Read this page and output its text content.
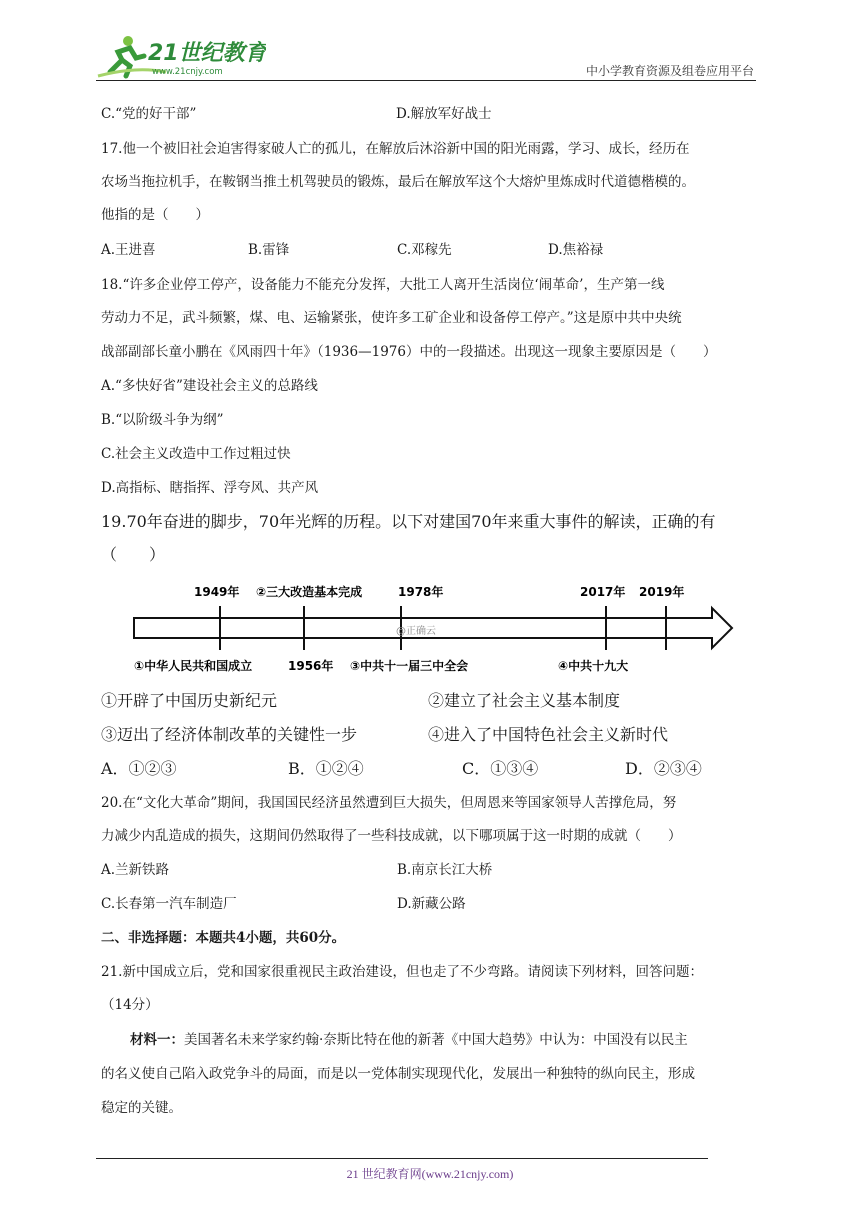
21世纪教育
www.21cnjy.com	中小学教育资源及组卷应用平台
C.“党的好干部”	D.解放军好战士
17.他一个被旧社会迫害得家破人亡的孤儿，在解放后沐浴新中国的阳光雨露，学习、成长，经历在
农场当拖拉机手，在鞍钢当推土机驾驶员的锻炼，最后在解放军这个大熔炉里炼成时代道德楷模的。
他指的是（　　）
A.王进喜	B.雷锋	C.邓稼先	D.焦裕禄
18.“许多企业停工停产，设备能力不能充分发挥，大批工人离开生活岗位‘闹革命’，生产第一线
劳动力不足，武斗频繁，煤、电、运输紧张，使许多工矿企业和设备停工停产。”这是原中共中央统
战部副部长童小鹏在《风雨四十年》（1936—1976）中的一段描述。出现这一现象主要原因是（　　）
A.“多快好省”建设社会主义的总路线
B.“以阶级斗争为纲”
C.社会主义改造中工作过粗过快
D.高指标、瞎指挥、浮夸风、共产风
19.70年奋进的脚步，70年光辉的历程。以下对建国70年来重大事件的解读，正确的有
（　　）
1949年 ②三大改造基本完成	1978年	2017年 2019年
@正确云
①中华人民共和国成立	1956年 ③中共十一届三中全会	④中共十九大
①开辟了中国历史新纪元	②建立了社会主义基本制度
③迈出了经济体制改革的关键性一步	④进入了中国特色社会主义新时代
A．①②③	B．①②④	C．①③④	D．②③④
20.在“文化大革命”期间，我国国民经济虽然遭到巨大损失，但周恩来等国家领导人苦撑危局，努
力减少内乱造成的损失，这期间仍然取得了一些科技成就，以下哪项属于这一时期的成就（　　）
A.兰新铁路	B.南京长江大桥
C.长春第一汽车制造厂	D.新藏公路
二、非选择题：本题共4小题，共60分。
21.新中国成立后，党和国家很重视民主政治建设，但也走了不少弯路。请阅读下列材料，回答问题：
（14分）
材料一：美国著名未来学家约翰·奈斯比特在他的新著《中国大趋势》中认为：中国没有以民主
的名义使自己陷入政党争斗的局面，而是以一党体制实现现代化，发展出一种独特的纵向民主，形成
稳定的关键。
21 世纪教育网(www.21cnjy.com)
